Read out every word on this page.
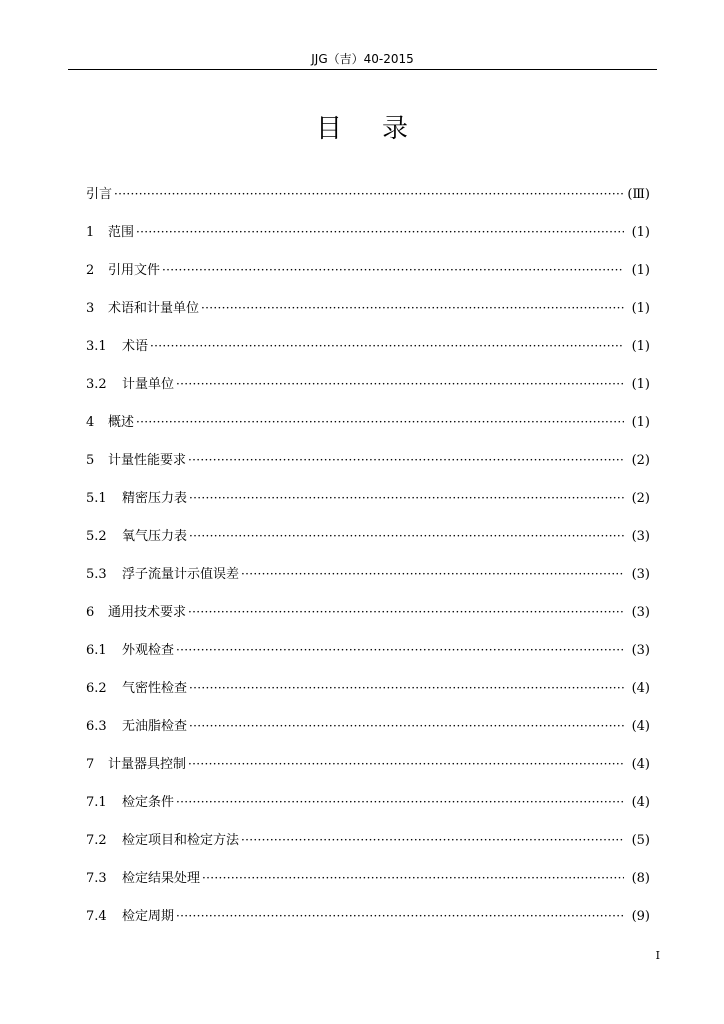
JJG（吉）40-2015
目录
引言 ·····	(Ⅲ)
1	范围 ·····	(1)
2	引用文件 ·····	(1)
3	术语和计量单位 ·····	(1)
3.1	术语 ·····	(1)
3.2	计量单位 ·····	(1)
4	概述 ·····	(1)
5	计量性能要求 ·····	(2)
5.1	精密压力表 ·····	(2)
5.2	氧气压力表 ·····	(3)
5.3	浮子流量计示值误差 ·····	(3)
6	通用技术要求 ·····	(3)
6.1	外观检查 ·····	(3)
6.2	气密性检查 ·····	(4)
6.3	无油脂检查 ·····	(4)
7	计量器具控制 ·····	(4)
7.1	检定条件 ·····	(4)
7.2	检定项目和检定方法 ·····	(5)
7.3	检定结果处理 ·····	(8)
7.4	检定周期 ·····	(9)
I
